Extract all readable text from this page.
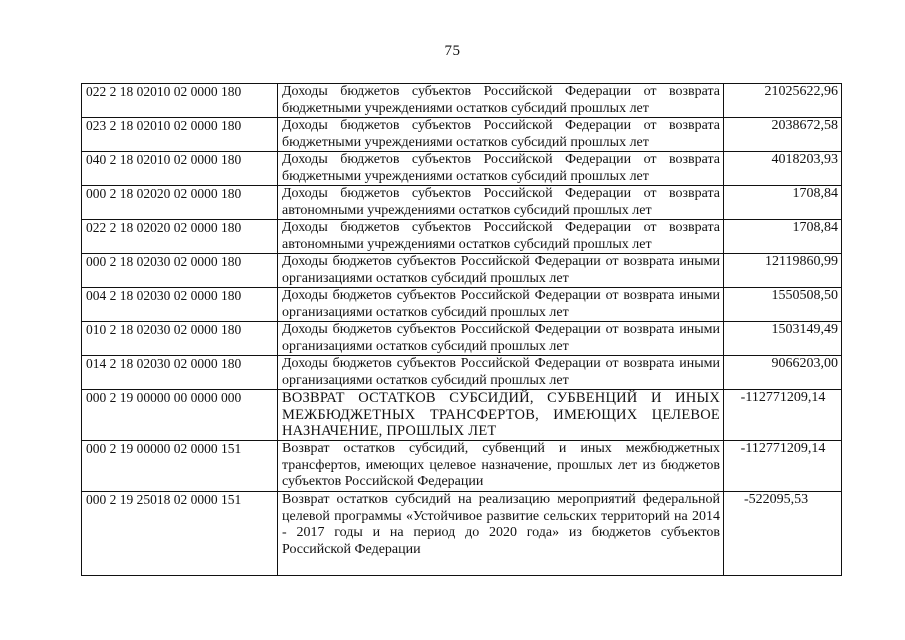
75
022 2 18 02010 02 0000 180	Доходы бюджетов субъектов Российской Федерации от возврата бюджетными учреждениями остатков субсидий прошлых лет	21025622,96
023 2 18 02010 02 0000 180	Доходы бюджетов субъектов Российской Федерации от возврата бюджетными учреждениями остатков субсидий прошлых лет	2038672,58
040 2 18 02010 02 0000 180	Доходы бюджетов субъектов Российской Федерации от возврата бюджетными учреждениями остатков субсидий прошлых лет	4018203,93
000 2 18 02020 02 0000 180	Доходы бюджетов субъектов Российской Федерации от возврата автономными учреждениями остатков субсидий прошлых лет	1708,84
022 2 18 02020 02 0000 180	Доходы бюджетов субъектов Российской Федерации от возврата автономными учреждениями остатков субсидий прошлых лет	1708,84
000 2 18 02030 02 0000 180	Доходы бюджетов субъектов Российской Федерации от возврата иными организациями остатков субсидий прошлых лет	12119860,99
004 2 18 02030 02 0000 180	Доходы бюджетов субъектов Российской Федерации от возврата иными организациями остатков субсидий прошлых лет	1550508,50
010 2 18 02030 02 0000 180	Доходы бюджетов субъектов Российской Федерации от возврата иными организациями остатков субсидий прошлых лет	1503149,49
014 2 18 02030 02 0000 180	Доходы бюджетов субъектов Российской Федерации от возврата иными организациями остатков субсидий прошлых лет	9066203,00
000 2 19 00000 00 0000 000	ВОЗВРАТ ОСТАТКОВ СУБСИДИЙ, СУБВЕНЦИЙ И ИНЫХ МЕЖБЮДЖЕТНЫХ ТРАНСФЕРТОВ, ИМЕЮЩИХ ЦЕЛЕВОЕ НАЗНАЧЕНИЕ, ПРОШЛЫХ ЛЕТ	-112771209,14
000 2 19 00000 02 0000 151	Возврат остатков субсидий, субвенций и иных межбюджетных трансфертов, имеющих целевое назначение, прошлых лет из бюджетов субъектов Российской Федерации	-112771209,14
000 2 19 25018 02 0000 151	Возврат остатков субсидий на реализацию мероприятий федеральной целевой программы «Устойчивое развитие сельских территорий на 2014 - 2017 годы и на период до 2020 года» из бюджетов субъектов Российской Федерации	-522095,53
